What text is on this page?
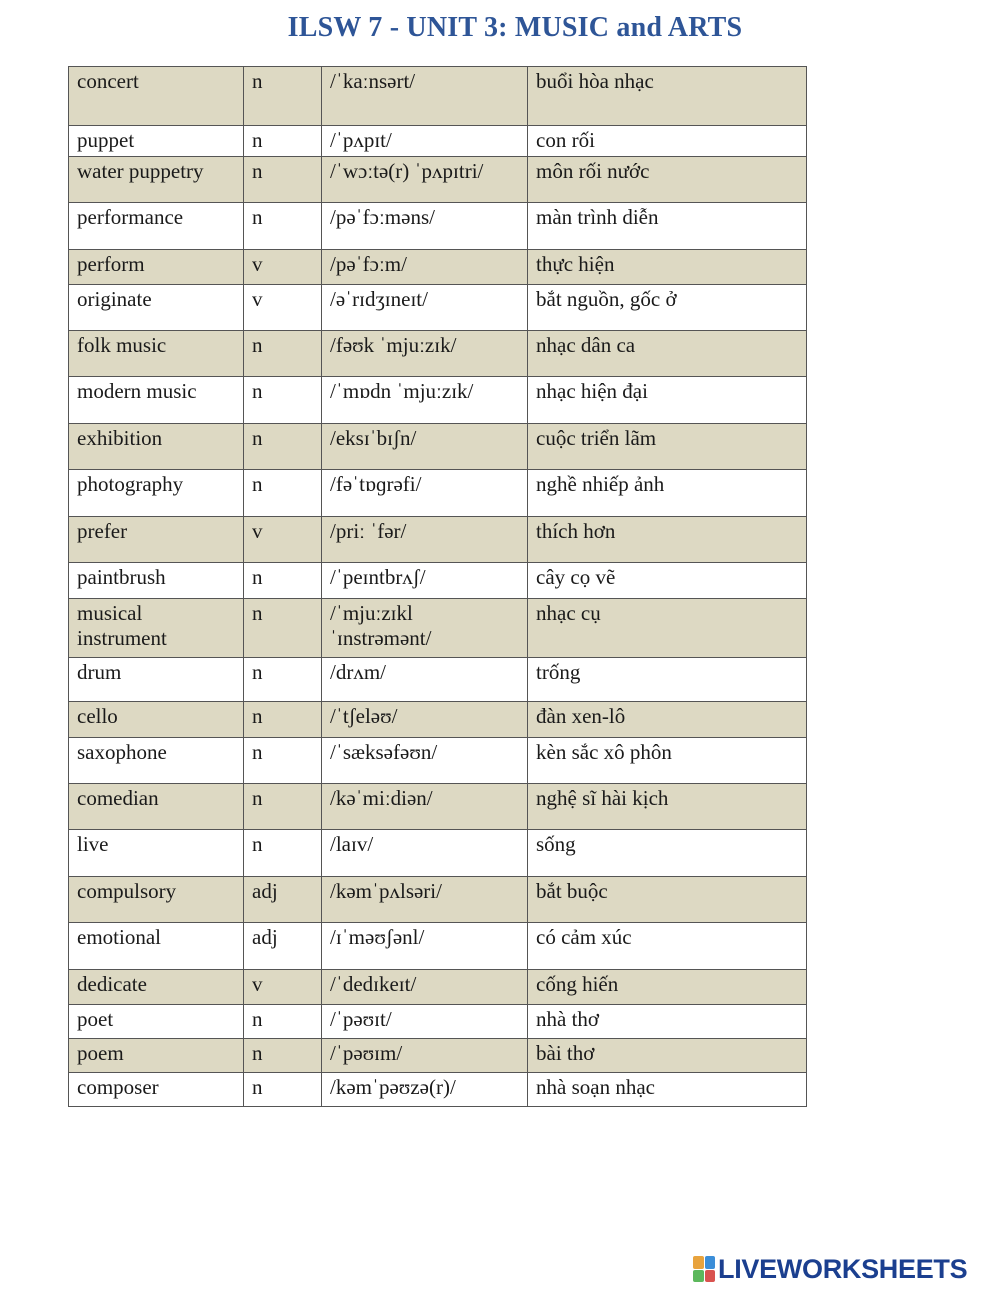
ILSW 7 - UNIT 3: MUSIC and ARTS
concert	n	/ˈkaːnsərt/	buổi hòa nhạc
puppet	n	/ˈpʌpɪt/	con rối
water puppetry	n	/ˈwɔːtə(r) ˈpʌpɪtri/	môn rối nước
performance	n	/pəˈfɔːməns/	màn trình diễn
perform	v	/pəˈfɔːm/	thực hiện
originate	v	/əˈrɪdʒɪneɪt/	bắt nguồn, gốc ở
folk music	n	/fəʊk ˈmjuːzɪk/	nhạc dân ca
modern music	n	/ˈmɒdn ˈmjuːzɪk/	nhạc hiện đại
exhibition	n	/eksɪˈbɪʃn/	cuộc triển lãm
photography	n	/fəˈtɒɡrəfi/	nghề nhiếp ảnh
prefer	v	/priː ˈfər/	thích hơn
paintbrush	n	/ˈpeɪntbrʌʃ/	cây cọ vẽ
musical instrument	n	/ˈmjuːzɪkl ˈɪnstrəmənt/	nhạc cụ
drum	n	/drʌm/	trống
cello	n	/ˈtʃeləʊ/	đàn xen-lô
saxophone	n	/ˈsæksəfəʊn/	kèn sắc xô phôn
comedian	n	/kəˈmiːdiən/	nghệ sĩ hài kịch
live	n	/laɪv/	sống
compulsory	adj	/kəmˈpʌlsəri/	bắt buộc
emotional	adj	/ɪˈməʊʃənl/	có cảm xúc
dedicate	v	/ˈdedɪkeɪt/	cống hiến
poet	n	/ˈpəʊɪt/	nhà thơ
poem	n	/ˈpəʊɪm/	bài thơ
composer	n	/kəmˈpəʊzə(r)/	nhà soạn nhạc
LIVEWORKSHEETS
